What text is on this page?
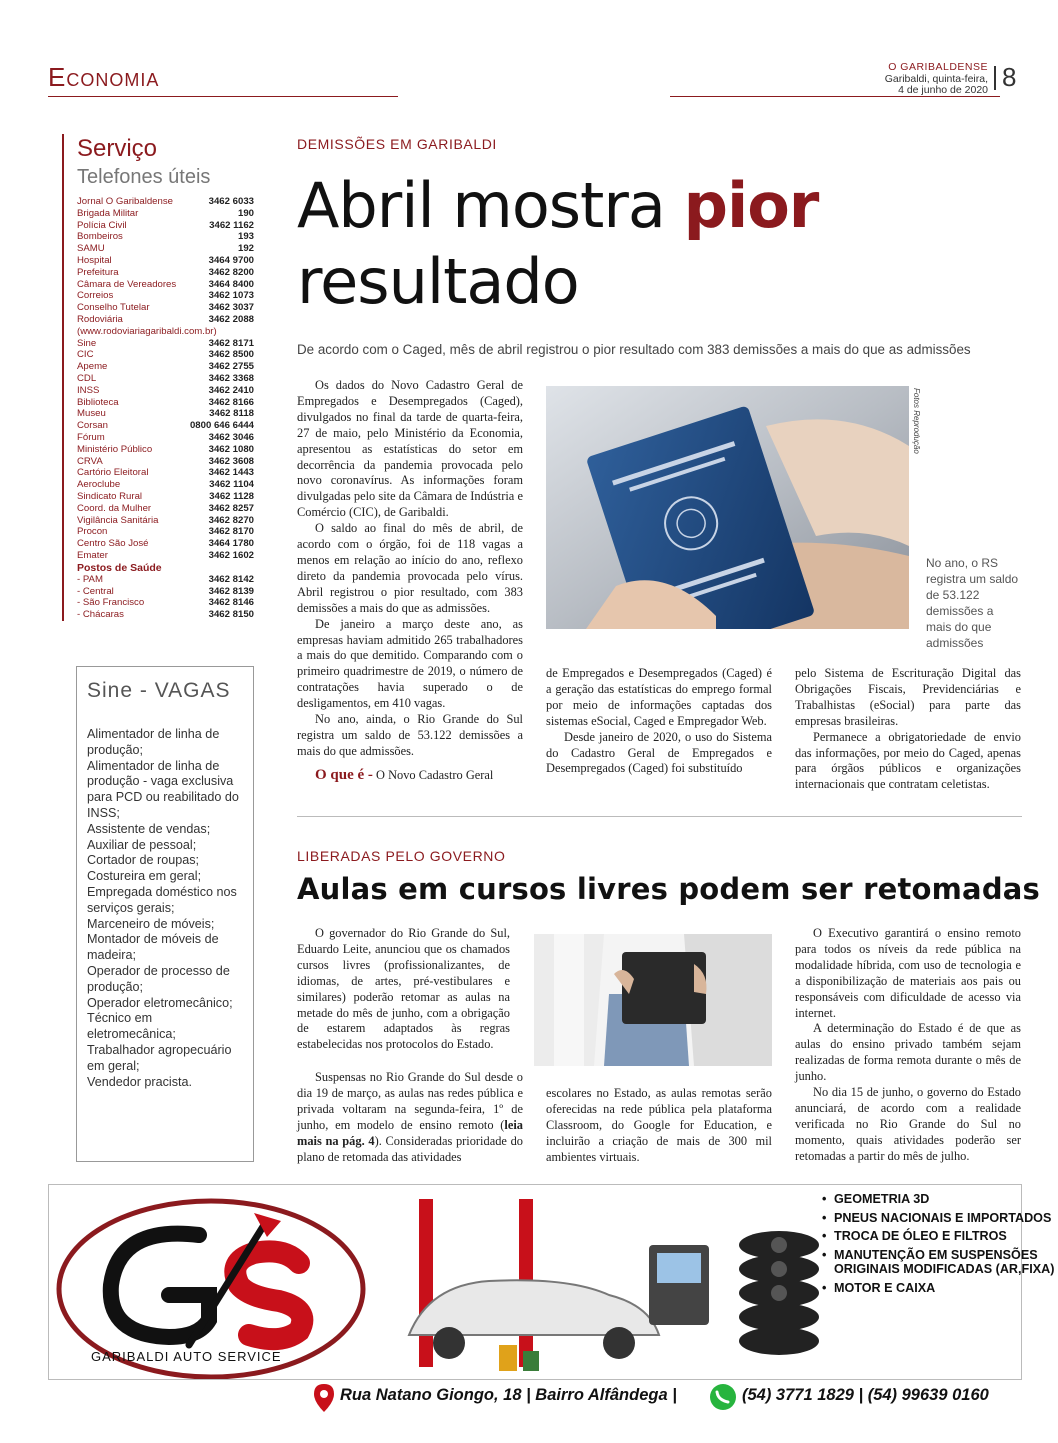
Economia	O GARIBALDENSE
Garibaldi, quinta-feira,
4 de junho de 2020 8
Serviço
Telefones úteis
Jornal O Garibaldense	3462 6033
Brigada Militar	190
Polícia Civil	3462 1162
Bombeiros	193
SAMU	192
Hospital	3464 9700
Prefeitura	3462 8200
Câmara de Vereadores	3464 8400
Correios	3462 1073
Conselho Tutelar	3462 3037
Rodoviária	3462 2088
(www.rodoviariagaribaldi.com.br)
Sine	3462 8171
CIC	3462 8500
Apeme	3462 2755
CDL	3462 3368
INSS	3462 2410
Biblioteca	3462 8166
Museu	3462 8118
Corsan	0800 646 6444
Fórum	3462 3046
Ministério Público	3462 1080
CRVA	3462 3608
Cartório Eleitoral	3462 1443
Aeroclube	3462 1104
Sindicato Rural	3462 1128
Coord. da Mulher	3462 8257
Vigilância Sanitária	3462 8270
Procon	3462 8170
Centro São José	3464 1780
Emater	3462 1602
Postos de Saúde
- PAM	3462 8142
- Central	3462 8139
- São Francisco	3462 8146
- Chácaras	3462 8150
Sine - VAGAS
Alimentador de linha de produção;
Alimentador de linha de produção - vaga exclusiva para PCD ou reabilitado do INSS;
Assistente de vendas;
Auxiliar de pessoal;
Cortador de roupas;
Costureira em geral;
Empregada doméstico nos serviços gerais;
Marceneiro de móveis;
Montador de móveis de madeira;
Operador de processo de produção;
Operador eletromecânico;
Técnico em eletromecânica;
Trabalhador agropecuário em geral;
Vendedor pracista.
DEMISSÕES EM GARIBALDI
Abril mostra pior
resultado
De acordo com o Caged, mês de abril registrou o pior resultado com 383 demissões a mais do que as admissões

Os dados do Novo Cadastro Geral de Empregados e Desempregados (Caged), divulgados no final da tarde de quarta-feira, 27 de maio, pelo Ministério da Economia, apresentou as estatísticas do setor em decorrência da pandemia provocada pelo novo coronavírus. As informações foram divulgadas pelo site da Câmara de Indústria e Comércio (CIC), de Garibaldi.

O saldo ao final do mês de abril, de acordo com o órgão, foi de 118 vagas a menos em relação ao início do ano, reflexo direto da pandemia provocada pelo vírus. Abril registrou o pior resultado, com 383 demissões a mais do que as admissões.

De janeiro a março deste ano, as empresas haviam admitido 265 trabalhadores a mais do que demitido. Comparando com o primeiro quadrimestre de 2019, o número de contratações havia superado o de desligamentos, em 410 vagas.

No ano, ainda, o Rio Grande do Sul registra um saldo de 53.122 demissões a mais do que admissões.

O que é - O Novo Cadastro Geral

Fotos Reprodução
No ano, o RS registra um saldo de 53.122 demissões a mais do que admissões

de Empregados e Desempregados (Caged) é a geração das estatísticas do emprego formal por meio de informações captadas dos sistemas eSocial, Caged e Empregador Web.

Desde janeiro de 2020, o uso do Sistema do Cadastro Geral de Empregados e Desempregados (Caged) foi substituído

pelo Sistema de Escrituração Digital das Obrigações Fiscais, Previdenciárias e Trabalhistas (eSocial) para parte das empresas brasileiras.

Permanece a obrigatoriedade de envio das informações, por meio do Caged, apenas para órgãos públicos e organizações internacionais que contratam celetistas.

LIBERADAS PELO GOVERNO
Aulas em cursos livres podem ser retomadas

O governador do Rio Grande do Sul, Eduardo Leite, anunciou que os chamados cursos livres (profissionalizantes, de idiomas, de artes, pré-vestibulares e similares) poderão retomar as aulas na metade do mês de junho, com a obrigação de estarem adaptados às regras estabelecidas nos protocolos do Estado.

Suspensas no Rio Grande do Sul desde o dia 19 de março, as aulas nas redes pública e privada voltaram na segunda-feira, 1º de junho, em modelo de ensino remoto (leia mais na pág. 4). Consideradas prioridade do plano de retomada das atividades

escolares no Estado, as aulas remotas serão oferecidas na rede pública pela plataforma Classroom, do Google for Education, e incluirão a criação de mais de 300 mil ambientes virtuais.

O Executivo garantirá o ensino remoto para todos os níveis da rede pública na modalidade híbrida, com uso de tecnologia e a disponibilização de materiais aos pais ou responsáveis com dificuldade de acesso via internet.

A determinação do Estado é de que as aulas do ensino privado também sejam realizadas de forma remota durante o mês de junho.

No dia 15 de junho, o governo do Estado anunciará, de acordo com a realidade verificada no Rio Grande do Sul no momento, quais atividades poderão ser retomadas a partir do mês de julho.

GARIBALDI AUTO SERVICE
• GEOMETRIA 3D
• PNEUS NACIONAIS E IMPORTADOS
• TROCA DE ÓLEO E FILTROS
• MANUTENÇÃO EM SUSPENSÕES ORIGINAIS MODIFICADAS (AR,FIXA)
• MOTOR E CAIXA
Rua Natano Giongo, 18 | Bairro Alfândega |	(54) 3771 1829 | (54) 99639 0160
